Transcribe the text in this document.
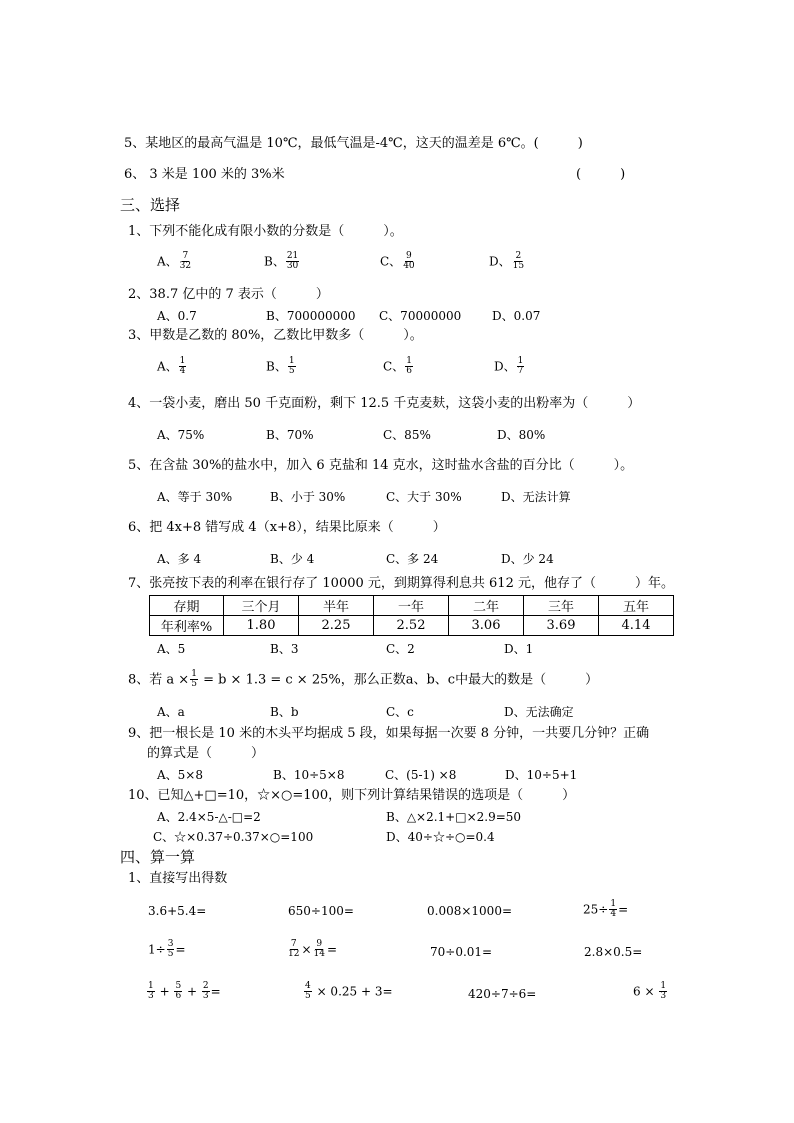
5、某地区的最高气温是 10℃，最低气温是-4℃，这天的温差是 6℃。(　　　)
6、 3 米是 100 米的 3%米	(　　　)
三、选择
1、下列不能化成有限小数的分数是（　　　）。
A、 $\frac{7}{32}$	B、 $\frac{21}{30}$	C、 $\frac{9}{40}$	D、 $\frac{2}{15}$
2、38.7 亿中的 7 表示（　　　）
A、0.7	B、700000000 C、70000000	D、0.07
3、甲数是乙数的 80%，乙数比甲数多（　　　）。
A、 $\frac{1}{4}$	B、 $\frac{1}{5}$	C、 $\frac{1}{6}$	D、 $\frac{1}{7}$
4、一袋小麦，磨出 50 千克面粉，剩下 12.5 千克麦麸，这袋小麦的出粉率为（　　　）
A、75%	B、70%	C、85%	D、80%
5、在含盐 30%的盐水中，加入 6 克盐和 14 克水，这时盐水含盐的百分比（　　　）。
A、等于 30%	B、小于 30%	C、大于 30%	D、无法计算
6、把 4x+8 错写成 4（x+8），结果比原来（　　　）
A、多 4	B、少 4	C、多 24	D、少 24
7、张亮按下表的利率在银行存了 10000 元，到期算得利息共 612 元，他存了（　　　）年。
存期	三个月	半年	一年	二年	三年	五年
年利率%	1.80	2.25	2.52	3.06	3.69	4.14
A、5	B、3	C、2	D、1
8、若 $a \times \frac{1}{5} = b \times 1.3 = c \times 25\%$，那么正数a、b、c中最大的数是（　　　）
A、a	B、b	C、c	D、无法确定
9、把一根长是 10 米的木头平均据成 5 段，如果每据一次要 8 分钟，一共要几分钟？正确
的算式是（　　　）
A、5×8	B、10÷5×8	C、(5-1) ×8	D、10÷5+1
10、已知△+□=10，☆×○=100，则下列计算结果错误的选项是（　　　）
A、2.4×5-△-□=2	B、△×2.1+□×2.9=50
C、☆×0.37÷0.37×○=100	D、40÷☆÷○=0.4
四、算一算
1、直接写出得数
3.6+5.4=	650÷100=	0.008×1000=	$25\div \frac{1}{4}$ =
$1\div \frac{3}{5}$ =	$\frac{7}{12} \times \frac{9}{14}$ =	70÷0.01=	2.8×0.5=
$\frac{1}{3} + \frac{5}{6} + \frac{2}{3}$ =	$\frac{4}{5} \times 0.25 + 3=$	420÷7÷6=	$6 \times \frac{1}{3}$
